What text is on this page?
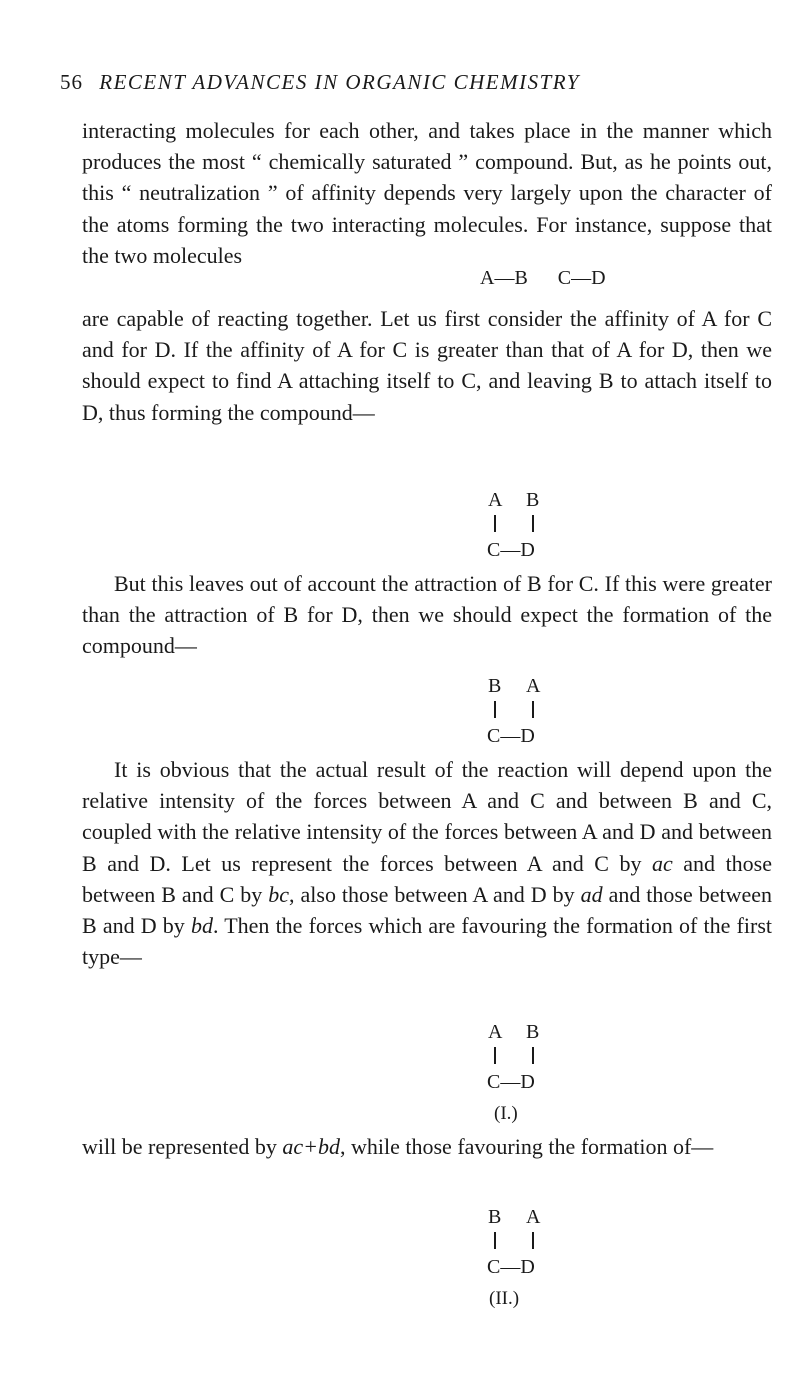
56 RECENT ADVANCES IN ORGANIC CHEMISTRY

interacting molecules for each other, and takes place in the manner which produces the most “ chemically saturated ” compound. But, as he points out, this “ neutralization ” of affinity depends very largely upon the character of the atoms forming the two interacting molecules. For instance, suppose that the two molecules

A—B      C—D

are capable of reacting together. Let us first consider the affinity of A for C and for D. If the affinity of A for C is greater than that of A for D, then we should expect to find A attaching itself to C, and leaving B to attach itself to D, thus forming the compound—

A B
C—D

But this leaves out of account the attraction of B for C. If this were greater than the attraction of B for D, then we should expect the formation of the compound—

B A
C—D

It is obvious that the actual result of the reaction will depend upon the relative intensity of the forces between A and C and between B and C, coupled with the relative intensity of the forces between A and D and between B and D. Let us represent the forces between A and C by ac and those between B and C by bc, also those between A and D by ad and those between B and D by bd. Then the forces which are favouring the formation of the first type—

A B
C—D
(I.)

will be represented by ac+bd, while those favouring the formation of—

B A
C—D
(II.)
